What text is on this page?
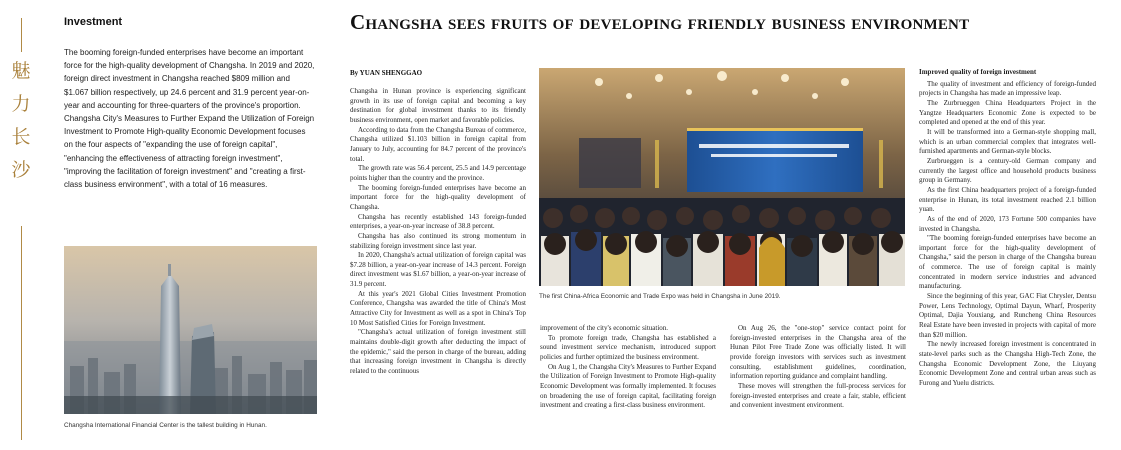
魅
力
长
沙
Investment

The booming foreign-funded enterprises have become an important force for the high-quality development of Changsha. In 2019 and 2020, foreign direct investment in Changsha reached $809 million and $1.067 billion respectively, up 24.6 percent and 31.9 percent year-on-year and accounting for three-quarters of the province's proportion. Changsha City's Measures to Further Expand the Utilization of Foreign Investment to Promote High-quality Economic Development focuses on the four aspects of "expanding the use of foreign capital", "enhancing the effectiveness of attracting foreign investment", "improving the facilitation of foreign investment" and "creating a first-class business environment", with a total of 16 measures.

Changsha International Financial Center is the tallest building in Hunan.
Changsha sees fruits of developing friendly business environment
By YUAN SHENGGAO

Changsha in Hunan province is experiencing significant growth in its use of foreign capital and becoming a key destination for global investment thanks to its friendly business environment, open market and favorable policies.

According to data from the Changsha Bureau of commerce, Changsha utilized $1.103 billion in foreign capital from January to July, accounting for 84.7 percent of the province's total.

The growth rate was 56.4 percent, 25.5 and 14.9 percentage points higher than the country and the province.

The booming foreign-funded enterprises have become an important force for the high-quality development of Changsha.

Changsha has recently established 143 foreign-funded enterprises, a year-on-year increase of 38.8 percent.

Changsha has also continued its strong momentum in stabilizing foreign investment since last year.

In 2020, Changsha's actual utilization of foreign capital was $7.28 billion, a year-on-year increase of 14.3 percent. Foreign direct investment was $1.67 billion, a year-on-year increase of 31.9 percent.

At this year's 2021 Global Cities Investment Promotion Conference, Changsha was awarded the title of China's Most Attractive City for Investment as well as a spot in China's Top 10 Most Satisfied Cities for Foreign Investment.

"Changsha's actual utilization of foreign investment still maintains double-digit growth after deducting the impact of the epidemic," said the person in charge of the bureau, adding that increasing foreign investment in Changsha is directly related to the continuous

The first China-Africa Economic and Trade Expo was held in Changsha in June 2019.

improvement of the city's economic situation.

To promote foreign trade, Changsha has established a sound investment service mechanism, introduced support policies and further optimized the business environment.

On Aug 1, the Changsha City's Measures to Further Expand the Utilization of Foreign Investment to Promote High-quality Economic Development was formally implemented. It focuses on broadening the use of foreign capital, facilitating foreign investment and creating a first-class business environment.

On Aug 26, the "one-stop" service contact point for foreign-invested enterprises in the Changsha area of the Hunan Pilot Free Trade Zone was officially listed. It will provide foreign investors with services such as investment consulting, establishment guidelines, coordination, information reporting guidance and complaint handling.

These moves will strengthen the full-process services for foreign-invested enterprises and create a fair, stable, efficient and convenient investment environment.

Improved quality of foreign investment

The quality of investment and efficiency of foreign-funded projects in Changsha has made an impressive leap.

The Zurbruеggen China Headquarters Project in the Yangtze Headquarters Economic Zone is expected to be completed and opened at the end of this year.

It will be transformed into a German-style shopping mall, which is an urban commercial complex that integrates well-furnished apartments and German-style blocks.

Zurbrueggen is a century-old German company and currently the largest office and household products business group in Germany.

As the first China headquarters project of a foreign-funded enterprise in Hunan, its total investment reached 2.1 billion yuan.

As of the end of 2020, 173 Fortune 500 companies have invested in Changsha.

"The booming foreign-funded enterprises have become an important force for the high-quality development of Changsha," said the person in charge of the Changsha bureau of commerce. The use of foreign capital is mainly concentrated in modern service industries and advanced manufacturing.

Since the beginning of this year, GAC Fiat Chrysler, Dentsu Power, Lens Technology, Optimal Dayun, Wharf, Prosperity Optimal, Dajia Youxiang, and Runcheng China Resources Real Estate have been invested in projects with capital of more than $20 million.

The newly increased foreign investment is concentrated in state-level parks such as the Changsha High-Tech Zone, the Changsha Economic Development Zone, the Liuyang Economic Development Zone and central urban areas such as Furong and Yuelu districts.
